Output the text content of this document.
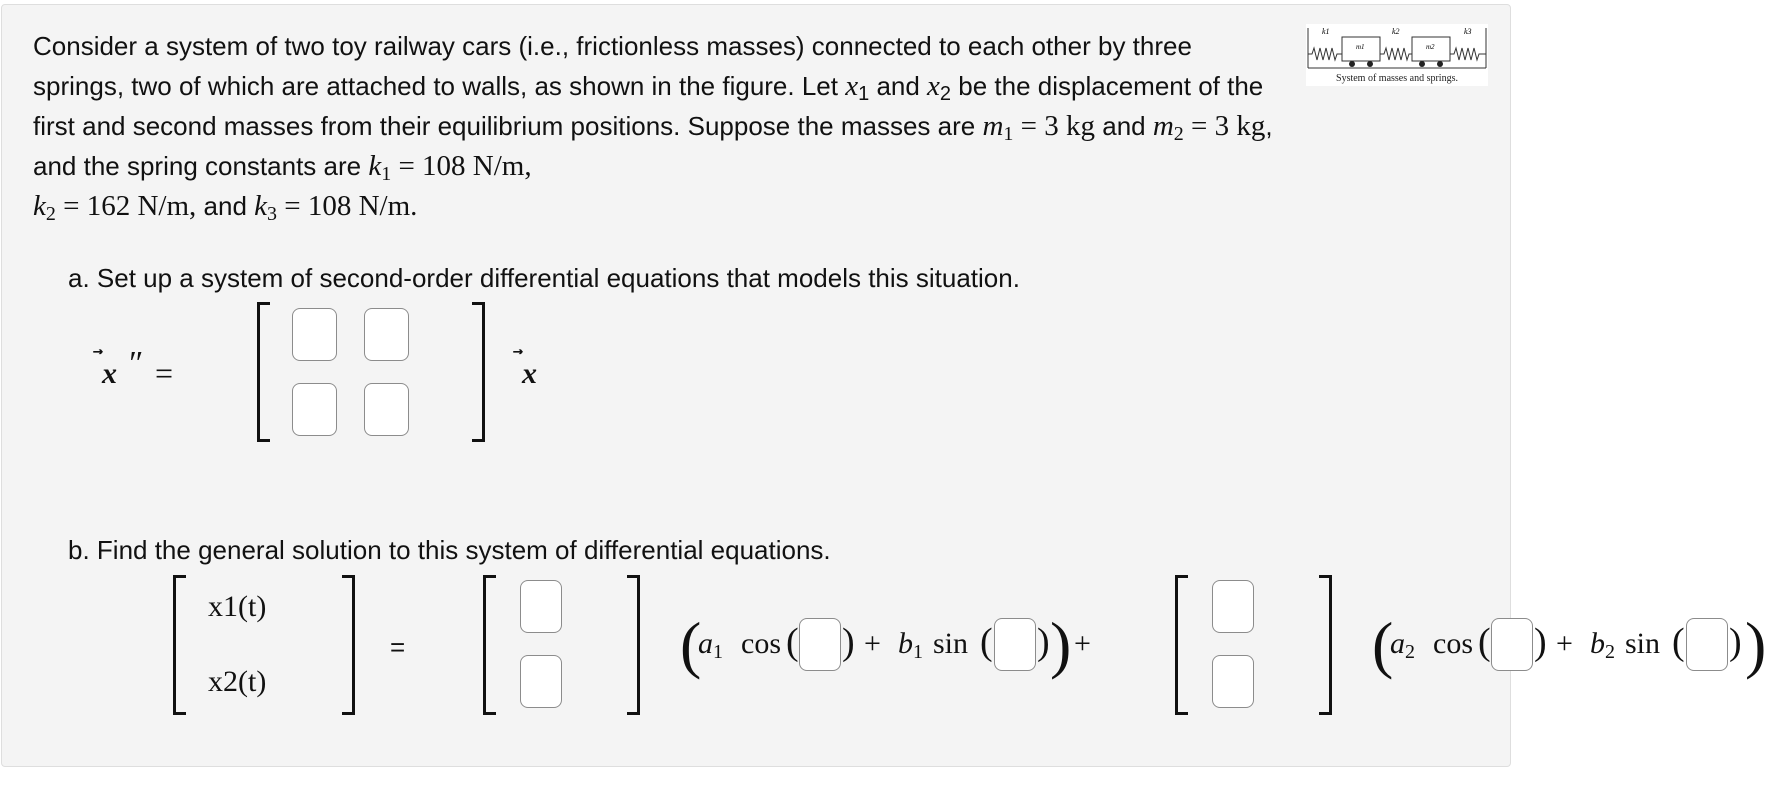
Consider a system of two toy railway cars (i.e., frictionless masses) connected to each other by three springs, two of which are attached to walls, as shown in the figure. Let $x_1$ and $x_2$ be the displacement of the first and second masses from their equilibrium positions. Suppose the masses are $m_1 = 3$ kg and $m_2 = 3$ kg, and the spring constants are $k_1 = 108$ N/m,
$k_2 = 162$ N/m, and $k_3 = 108$ N/m.

k1
m1
k2
m2
k3
System of masses and springs.

a. Set up a system of second-order differential equations that models this situation.

x ″ =	x

b. Find the general solution to this system of differential equations.

x1(t)
x2(t)
=	(
$a_1$ cos ( ) + $b_1$ sin ( ) ) +	(
$a_2$ cos ( ) + $b_2$ sin ( ) )
